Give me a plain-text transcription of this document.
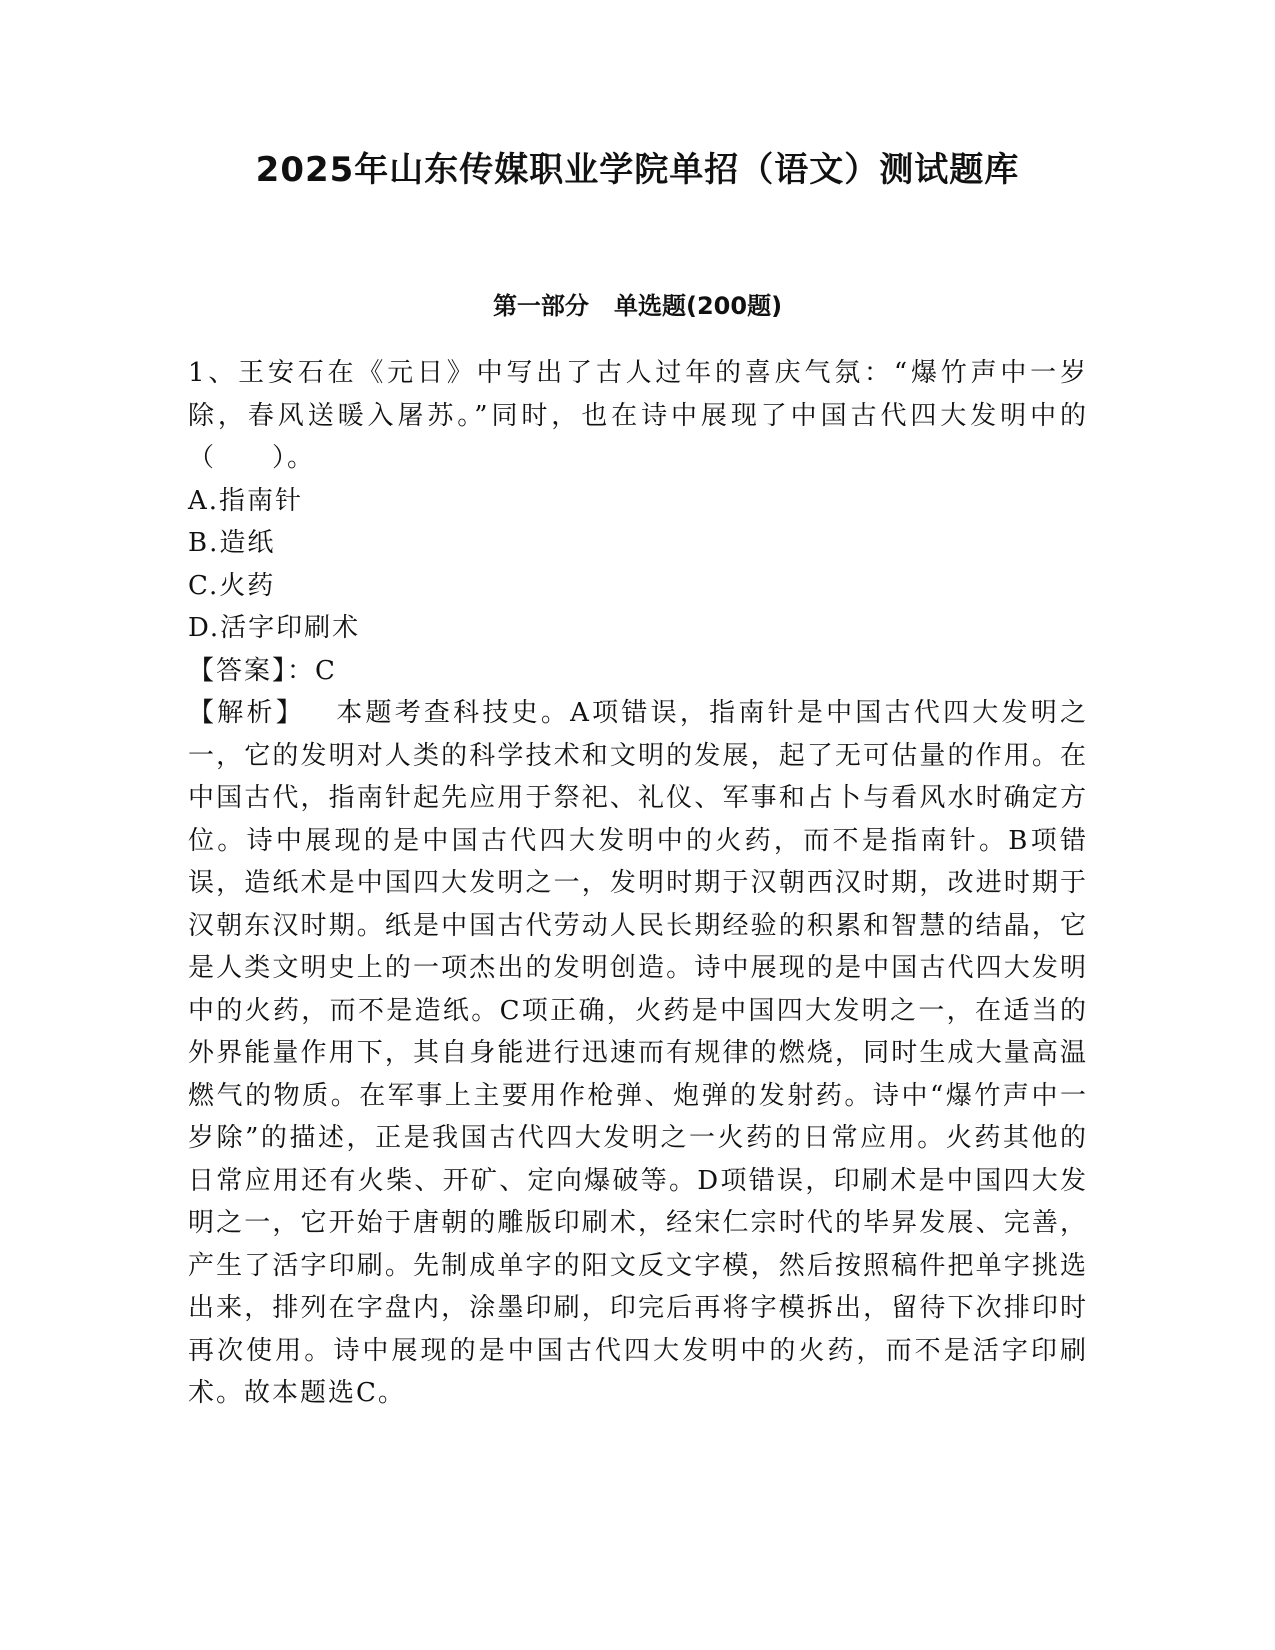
2025年山东传媒职业学院单招（语文）测试题库
第一部分   单选题(200题)

1、王安石在《元日》中写出了古人过年的喜庆气氛：“爆竹声中一岁除，春风送暖入屠苏。”同时，也在诗中展现了中国古代四大发明中的（　　）。

A.指南针
B.造纸
C.火药
D.活字印刷术

【答案】：C

【解析】 本题考查科技史。A项错误，指南针是中国古代四大发明之一，它的发明对人类的科学技术和文明的发展，起了无可估量的作用。在中国古代，指南针起先应用于祭祀、礼仪、军事和占卜与看风水时确定方位。诗中展现的是中国古代四大发明中的火药，而不是指南针。B项错误，造纸术是中国四大发明之一，发明时期于汉朝西汉时期，改进时期于汉朝东汉时期。纸是中国古代劳动人民长期经验的积累和智慧的结晶，它是人类文明史上的一项杰出的发明创造。诗中展现的是中国古代四大发明中的火药，而不是造纸。C项正确，火药是中国四大发明之一，在适当的外界能量作用下，其自身能进行迅速而有规律的燃烧，同时生成大量高温燃气的物质。在军事上主要用作枪弹、炮弹的发射药。诗中“爆竹声中一岁除”的描述，正是我国古代四大发明之一火药的日常应用。火药其他的日常应用还有火柴、开矿、定向爆破等。D项错误，印刷术是中国四大发明之一，它开始于唐朝的雕版印刷术，经宋仁宗时代的毕昇发展、完善，产生了活字印刷。先制成单字的阳文反文字模，然后按照稿件把单字挑选出来，排列在字盘内，涂墨印刷，印完后再将字模拆出，留待下次排印时再次使用。诗中展现的是中国古代四大发明中的火药，而不是活字印刷术。故本题选C。
